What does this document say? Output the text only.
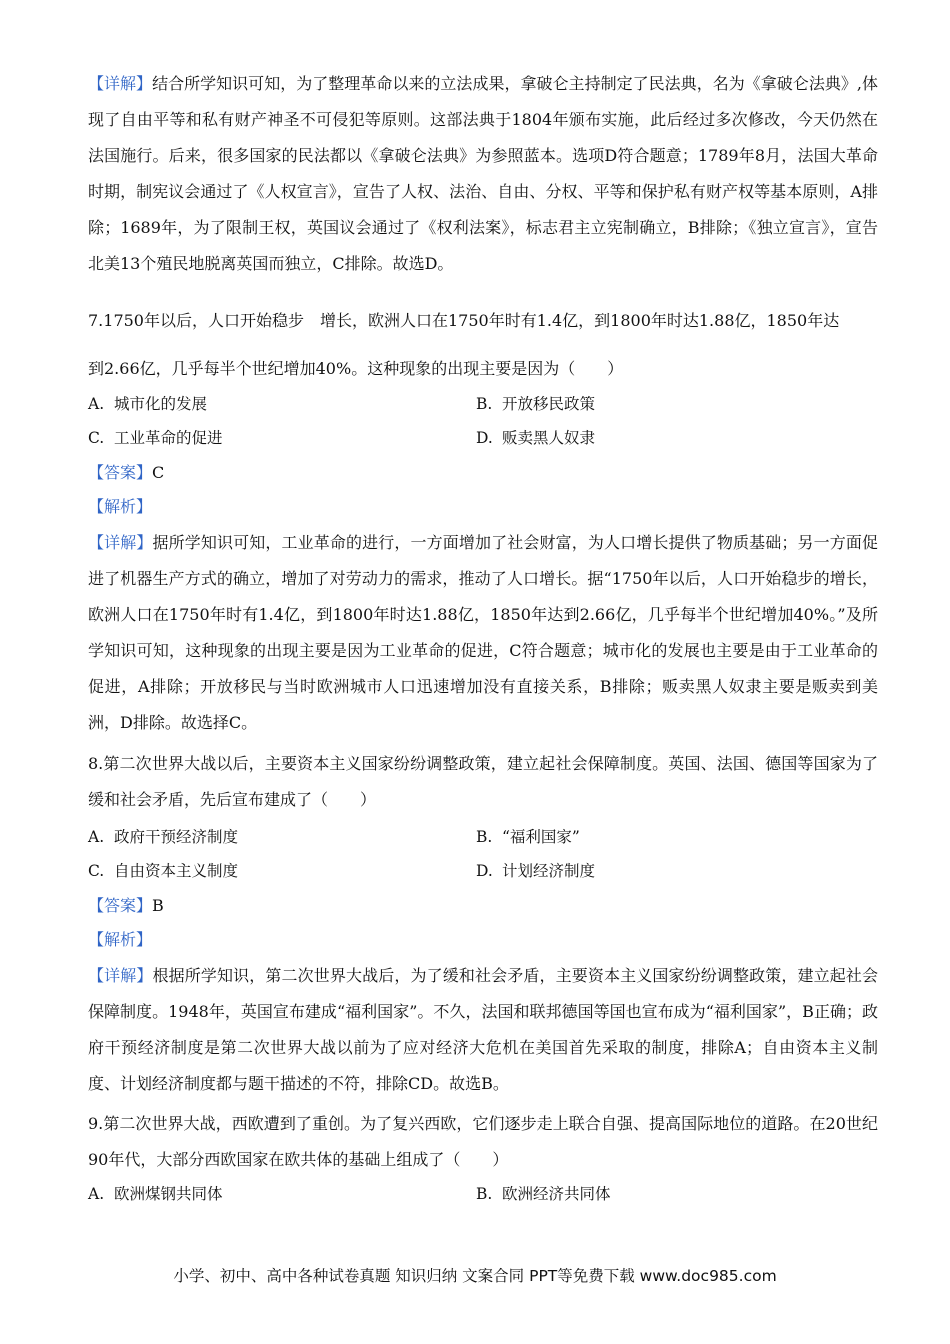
【详解】结合所学知识可知，为了整理革命以来的立法成果，拿破仑主持制定了民法典，名为《拿破仑法典》,体现了自由平等和私有财产神圣不可侵犯等原则。这部法典于1804年颁布实施，此后经过多次修改，今天仍然在法国施行。后来，很多国家的民法都以《拿破仑法典》为参照蓝本。选项D符合题意；1789年8月，法国大革命时期，制宪议会通过了《人权宣言》，宣告了人权、法治、自由、分权、平等和保护私有财产权等基本原则，A排除；1689年，为了限制王权，英国议会通过了《权利法案》，标志君主立宪制确立，B排除；《独立宣言》，宣告北美13个殖民地脱离英国而独立，C排除。故选D。

7.1750年以后，人口开始稳步　增长，欧洲人口在1750年时有1.4亿，到1800年时达1.88亿，1850年达
到2.66亿，几乎每半个世纪增加40%。这种现象的出现主要是因为（　　）
A. 城市化的发展	B. 开放移民政策
C. 工业革命的促进	D. 贩卖黑人奴隶
【答案】C
【解析】

【详解】据所学知识可知，工业革命的进行，一方面增加了社会财富，为人口增长提供了物质基础；另一方面促进了机器生产方式的确立，增加了对劳动力的需求，推动了人口增长。据“1750年以后，人口开始稳步的增长，欧洲人口在1750年时有1.4亿，到1800年时达1.88亿，1850年达到2.66亿，几乎每半个世纪增加40%。”及所学知识可知，这种现象的出现主要是因为工业革命的促进，C符合题意；城市化的发展也主要是由于工业革命的促进，A排除；开放移民与当时欧洲城市人口迅速增加没有直接关系，B排除；贩卖黑人奴隶主要是贩卖到美洲，D排除。故选择C。

8.第二次世界大战以后，主要资本主义国家纷纷调整政策，建立起社会保障制度。英国、法国、德国等国家为了缓和社会矛盾，先后宣布建成了（　　）

A. 政府干预经济制度	B. “福利国家”
C. 自由资本主义制度	D. 计划经济制度
【答案】B
【解析】

【详解】根据所学知识，第二次世界大战后，为了缓和社会矛盾，主要资本主义国家纷纷调整政策，建立起社会保障制度。1948年，英国宣布建成“福利国家”。不久，法国和联邦德国等国也宣布成为“福利国家”，B正确；政府干预经济制度是第二次世界大战以前为了应对经济大危机在美国首先采取的制度，排除A；自由资本主义制度、计划经济制度都与题干描述的不符，排除CD。故选B。

9.第二次世界大战，西欧遭到了重创。为了复兴西欧，它们逐步走上联合自强、提高国际地位的道路。在20世纪90年代，大部分西欧国家在欧共体的基础上组成了（　　）

A. 欧洲煤钢共同体	B. 欧洲经济共同体
小学、初中、高中各种试卷真题 知识归纳 文案合同 PPT等免费下载 www.doc985.com
